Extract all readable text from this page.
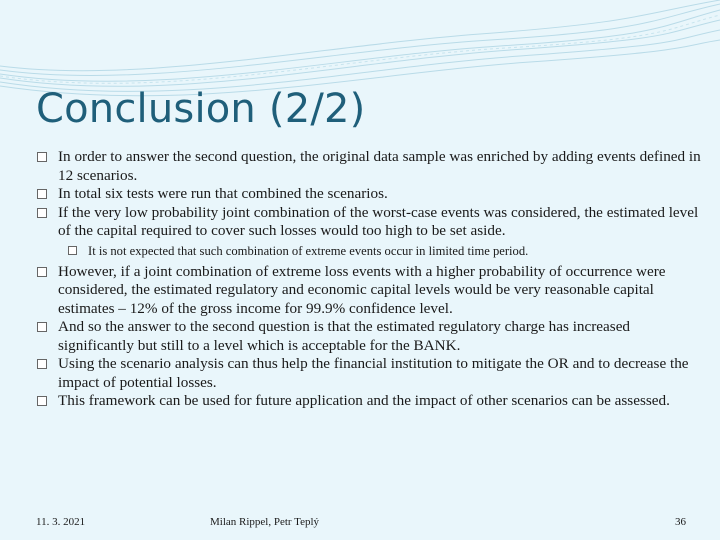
Conclusion (2/2)
In order to answer the second question, the original data sample was enriched by adding events defined in 12 scenarios.
In total six tests were run that combined the scenarios.
If the very low probability joint combination of the worst-case events was considered, the estimated level of the capital required to cover such losses would too high to be set aside.
It is not expected that such combination of extreme events occur in limited time period.
However, if a joint combination of extreme loss events with a higher probability of occurrence were considered, the estimated regulatory and economic capital levels would be very reasonable capital estimates – 12% of the gross income for 99.9% confidence level.
And so the answer to the second question is that the estimated regulatory charge has increased significantly but still to a level which is acceptable for the BANK.
Using the scenario analysis can thus help the financial institution to mitigate the OR and to decrease the impact of potential losses.
This framework can be used for future application and the impact of other scenarios can be assessed.
11. 3. 2021	Milan Rippel, Petr Teplý	36
